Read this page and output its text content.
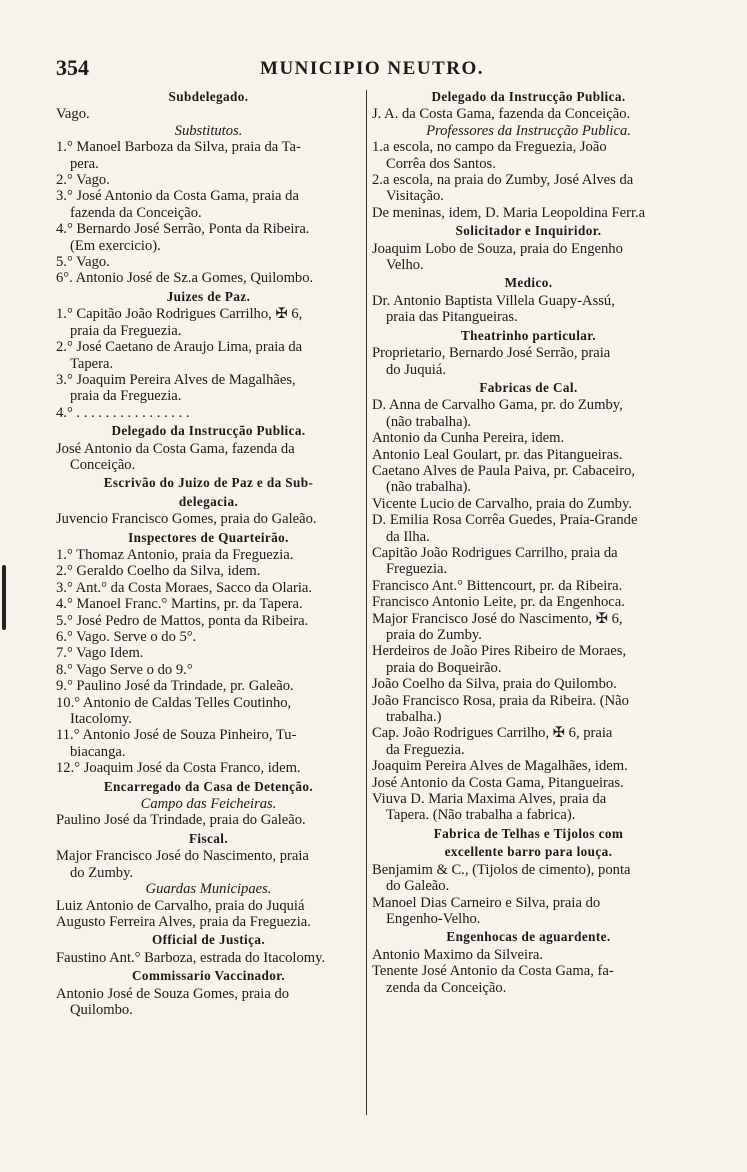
354	MUNICIPIO NEUTRO.
Subdelegado.
Vago.
Substitutos.
1.° Manoel Barboza da Silva, praia da Ta-
pera.
2.° Vago.
3.° José Antonio da Costa Gama, praia da
fazenda da Conceição.
4.° Bernardo José Serrão, Ponta da Ribeira.
(Em exercicio).
5.° Vago.
6°. Antonio José de Sz.a Gomes, Quilombo.
Juizes de Paz.
1.° Capitão João Rodrigues Carrilho, ✠ 6,
praia da Freguezia.
2.° José Caetano de Araujo Lima, praia da
Tapera.
3.° Joaquim Pereira Alves de Magalhães,
praia da Freguezia.
4.° . . . . . . . . . . . . . . . .
Delegado da Instrucção Publica.
José Antonio da Costa Gama, fazenda da
Conceição.
Escrivão do Juizo de Paz e da Sub-
delegacia.
Juvencio Francisco Gomes, praia do Galeão.
Inspectores de Quarteirão.
1.° Thomaz Antonio, praia da Freguezia.
2.° Geraldo Coelho da Silva, idem.
3.° Ant.° da Costa Moraes, Sacco da Olaria.
4.° Manoel Franc.° Martins, pr. da Tapera.
5.° José Pedro de Mattos, ponta da Ribeira.
6.° Vago. Serve o do 5°.
7.° Vago Idem.
8.° Vago Serve o do 9.°
9.° Paulino José da Trindade, pr. Galeão.
10.° Antonio de Caldas Telles Coutinho,
Itacolomy.
11.° Antonio José de Souza Pinheiro, Tu-
biacanga.
12.° Joaquim José da Costa Franco, idem.
Encarregado da Casa de Detenção.
Campo das Feicheiras.
Paulino José da Trindade, praia do Galeão.
Fiscal.
Major Francisco José do Nascimento, praia
do Zumby.
Guardas Municipaes.
Luiz Antonio de Carvalho, praia do Juquiá
Augusto Ferreira Alves, praia da Freguezia.
Official de Justiça.
Faustino Ant.° Barboza, estrada do Itacolomy.
Commissario Vaccinador.
Antonio José de Souza Gomes, praia do
Quilombo.
Delegado da Instrucção Publica.
J. A. da Costa Gama, fazenda da Conceição.
Professores da Instrucção Publica.
1.a escola, no campo da Freguezia, João
Corrêa dos Santos.
2.a escola, na praia do Zumby, José Alves da
Visitação.
De meninas, idem, D. Maria Leopoldina Ferr.a
Solicitador e Inquiridor.
Joaquim Lobo de Souza, praia do Engenho
Velho.
Medico.
Dr. Antonio Baptista Villela Guapy-Assú,
praia das Pitangueiras.
Theatrinho particular.
Proprietario, Bernardo José Serrão, praia
do Juquiá.
Fabricas de Cal.
D. Anna de Carvalho Gama, pr. do Zumby,
(não trabalha).
Antonio da Cunha Pereira, idem.
Antonio Leal Goulart, pr. das Pitangueiras.
Caetano Alves de Paula Paiva, pr. Cabaceiro,
(não trabalha).
Vicente Lucio de Carvalho, praia do Zumby.
D. Emilia Rosa Corrêa Guedes, Praia-Grande
da Ilha.
Capitão João Rodrigues Carrilho, praia da
Freguezia.
Francisco Ant.° Bittencourt, pr. da Ribeira.
Francisco Antonio Leite, pr. da Engenhoca.
Major Francisco José do Nascimento, ✠ 6,
praia do Zumby.
Herdeiros de João Pires Ribeiro de Moraes,
praia do Boqueirão.
João Coelho da Silva, praia do Quilombo.
João Francisco Rosa, praia da Ribeira. (Não
trabalha.)
Cap. João Rodrigues Carrilho, ✠ 6, praia
da Freguezia.
Joaquim Pereira Alves de Magalhães, idem.
José Antonio da Costa Gama, Pitangueiras.
Viuva D. Maria Maxima Alves, praia da
Tapera. (Não trabalha a fabrica).
Fabrica de Telhas e Tijolos com
excellente barro para louça.
Benjamim & C., (Tijolos de cimento), ponta
do Galeão.
Manoel Dias Carneiro e Silva, praia do
Engenho-Velho.
Engenhocas de aguardente.
Antonio Maximo da Silveira.
Tenente José Antonio da Costa Gama, fa-
zenda da Conceição.
